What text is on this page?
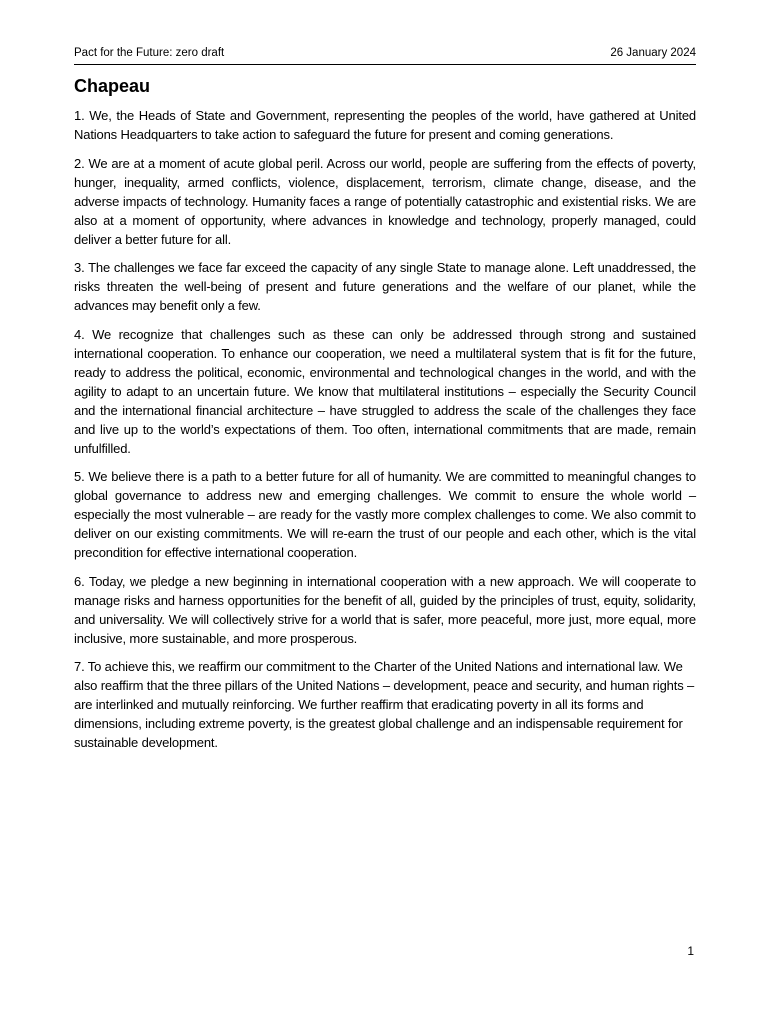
Pact for the Future: zero draft	26 January 2024
Chapeau

1. We, the Heads of State and Government, representing the peoples of the world, have gathered at United Nations Headquarters to take action to safeguard the future for present and coming generations.

2. We are at a moment of acute global peril. Across our world, people are suffering from the effects of poverty, hunger, inequality, armed conflicts, violence, displacement, terrorism, climate change, disease, and the adverse impacts of technology. Humanity faces a range of potentially catastrophic and existential risks. We are also at a moment of opportunity, where advances in knowledge and technology, properly managed, could deliver a better future for all.

3. The challenges we face far exceed the capacity of any single State to manage alone. Left unaddressed, the risks threaten the well-being of present and future generations and the welfare of our planet, while the advances may benefit only a few.

4. We recognize that challenges such as these can only be addressed through strong and sustained international cooperation. To enhance our cooperation, we need a multilateral system that is fit for the future, ready to address the political, economic, environmental and technological changes in the world, and with the agility to adapt to an uncertain future. We know that multilateral institutions – especially the Security Council and the international financial architecture – have struggled to address the scale of the challenges they face and live up to the world’s expectations of them. Too often, international commitments that are made, remain unfulfilled.

5. We believe there is a path to a better future for all of humanity. We are committed to meaningful changes to global governance to address new and emerging challenges. We commit to ensure the whole world – especially the most vulnerable – are ready for the vastly more complex challenges to come. We also commit to deliver on our existing commitments. We will re-earn the trust of our people and each other, which is the vital precondition for effective international cooperation.

6. Today, we pledge a new beginning in international cooperation with a new approach. We will cooperate to manage risks and harness opportunities for the benefit of all, guided by the principles of trust, equity, solidarity, and universality. We will collectively strive for a world that is safer, more peaceful, more just, more equal, more inclusive, more sustainable, and more prosperous.

7. To achieve this, we reaffirm our commitment to the Charter of the United Nations and international law. We also reaffirm that the three pillars of the United Nations – development, peace and security, and human rights – are interlinked and mutually reinforcing. We further reaffirm that eradicating poverty in all its forms and dimensions, including extreme poverty, is the greatest global challenge and an indispensable requirement for sustainable development.

1
